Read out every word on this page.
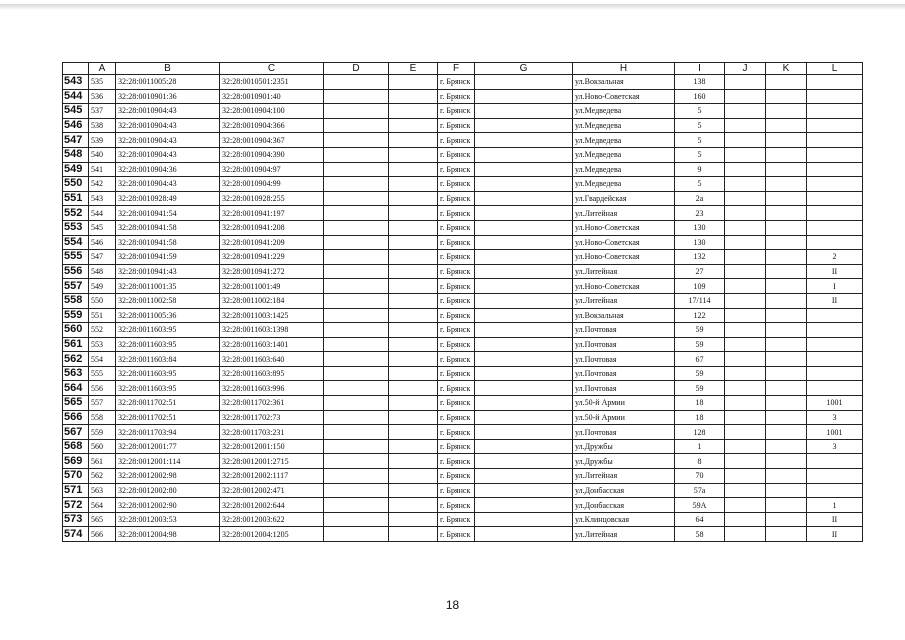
	A	B	C	D	E	F	G	H	I	J	K	L
543	535	32:28:0011005:28	32:28:0010501:2351			г. Брянск		ул.Вокзальная	138			
544	536	32:28:0010901:36	32:28:0010901:40			г. Брянск		ул.Ново-Советская	160			
545	537	32:28:0010904:43	32:28:0010904:100			г. Брянск		ул.Медведева	5			
546	538	32:28:0010904:43	32:28:0010904:366			г. Брянск		ул.Медведева	5			
547	539	32:28:0010904:43	32:28:0010904:367			г. Брянск		ул.Медведева	5			
548	540	32:28:0010904:43	32:28:0010904:390			г. Брянск		ул.Медведева	5			
549	541	32:28:0010904:36	32:28:0010904:97			г. Брянск		ул.Медведева	9			
550	542	32:28:0010904:43	32:28:0010904:99			г. Брянск		ул.Медведева	5			
551	543	32:28:0010928:49	32:28:0010928:255			г. Брянск		ул.Гвардейская	2а			
552	544	32:28:0010941:54	32:28:0010941:197			г. Брянск		ул.Литейная	23			
553	545	32:28:0010941:58	32:28:0010941:208			г. Брянск		ул.Ново-Советская	130			
554	546	32:28:0010941:58	32:28:0010941:209			г. Брянск		ул.Ново-Советская	130			
555	547	32:28:0010941:59	32:28:0010941:229			г. Брянск		ул.Ново-Советская	132			2
556	548	32:28:0010941:43	32:28:0010941:272			г. Брянск		ул.Литейная	27			II
557	549	32:28:0011001:35	32:28:0011001:49			г. Брянск		ул.Ново-Советская	109			I
558	550	32:28:0011002:58	32:28:0011002:184			г. Брянск		ул.Литейная	17/114			II
559	551	32:28:0011005:36	32:28:0011003:1425			г. Брянск		ул.Вокзальная	122			
560	552	32:28:0011603:95	32:28:0011603:1398			г. Брянск		ул.Почтовая	59			
561	553	32:28:0011603:95	32:28:0011603:1401			г. Брянск		ул.Почтовая	59			
562	554	32:28:0011603:84	32:28:0011603:640			г. Брянск		ул.Почтовая	67			
563	555	32:28:0011603:95	32:28:0011603:895			г. Брянск		ул.Почтовая	59			
564	556	32:28:0011603:95	32:28:0011603:996			г. Брянск		ул.Почтовая	59			
565	557	32:28:0011702:51	32:28:0011702:361			г. Брянск		ул.50-й Армии	18			1001
566	558	32:28:0011702:51	32:28:0011702:73			г. Брянск		ул.50-й Армии	18			3
567	559	32:28:0011703:94	32:28:0011703:231			г. Брянск		ул.Почтовая	128			1001
568	560	32:28:0012001:77	32:28:0012001:150			г. Брянск		ул.Дружбы	1			3
569	561	32:28:0012001:114	32:28:0012001:2715			г. Брянск		ул.Дружбы	8			
570	562	32:28:0012002:98	32:28:0012002:1117			г. Брянск		ул.Литейная	70			
571	563	32:28:0012002:80	32:28:0012002:471			г. Брянск		ул.Донбасская	57а			
572	564	32:28:0012002:90	32:28:0012002:644			г. Брянск		ул.Донбасская	59А			1
573	565	32:28:0012003:53	32:28:0012003:622			г. Брянск		ул.Клинцовская	64			II
574	566	32:28:0012004:98	32:28:0012004:1205			г. Брянск		ул.Литейная	58			II
18
